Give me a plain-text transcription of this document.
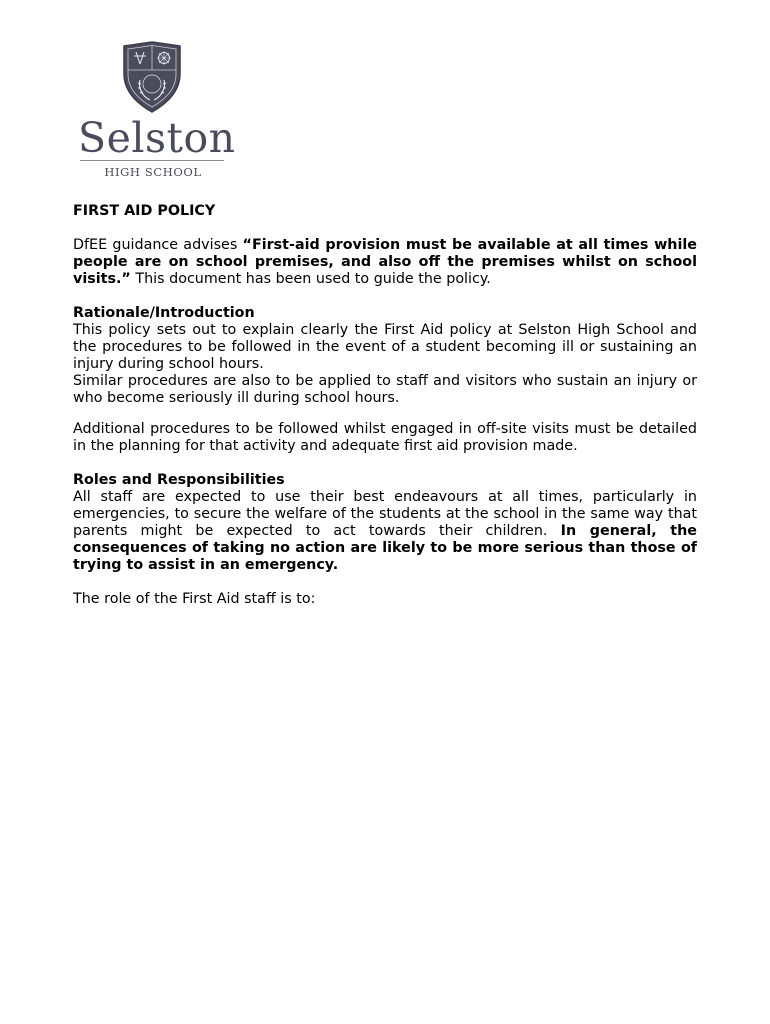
Selston
HIGH SCHOOL
FIRST AID POLICY

DfEE guidance advises “First-aid provision must be available at all times while people are on school premises, and also off the premises whilst on school visits.” This document has been used to guide the policy.

Rationale/Introduction

This policy sets out to explain clearly the First Aid policy at Selston High School and the procedures to be followed in the event of a student becoming ill or sustaining an injury during school hours.

Similar procedures are also to be applied to staff and visitors who sustain an injury or who become seriously ill during school hours.

Additional procedures to be followed whilst engaged in off-site visits must be detailed in the planning for that activity and adequate first aid provision made.

Roles and Responsibilities

All staff are expected to use their best endeavours at all times, particularly in emergencies, to secure the welfare of the students at the school in the same way that parents might be expected to act towards their children. In general, the consequences of taking no action are likely to be more serious than those of trying to assist in an emergency.

The role of the First Aid staff is to:
